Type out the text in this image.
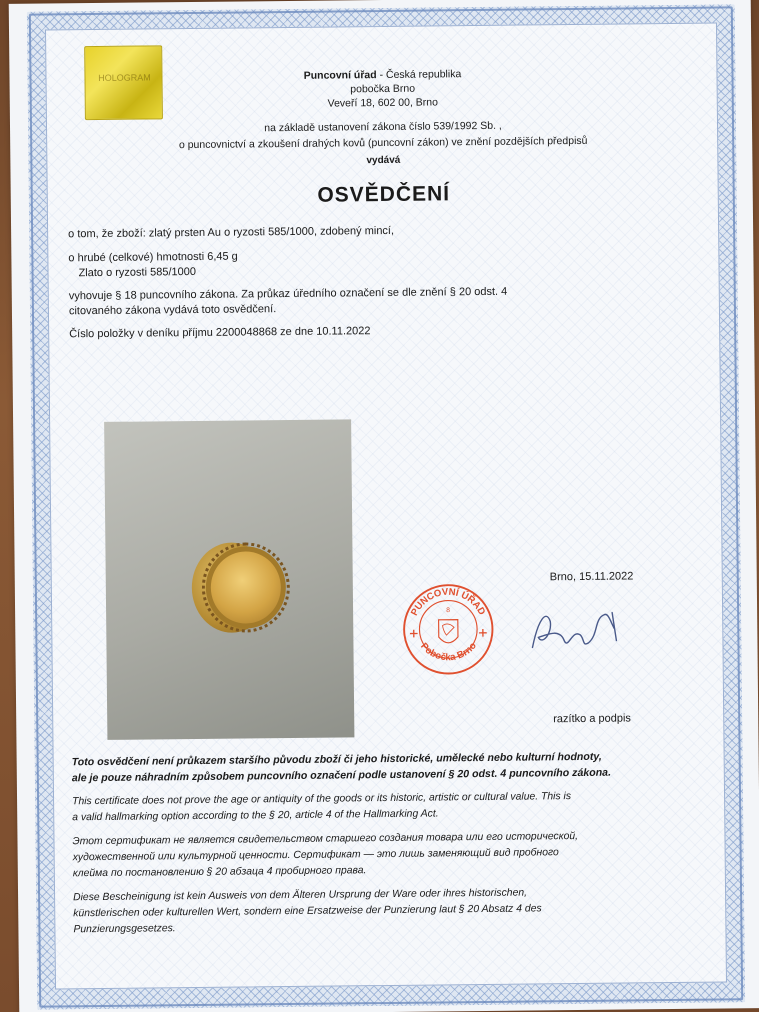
HOLOGRAM	Puncovní úřad - Česká republika
pobočka Brno
Veveří 18, 602 00, Brno
na základě ustanovení zákona číslo 539/1992 Sb. ,
o puncovnictví a zkoušení drahých kovů (puncovní zákon) ve znění pozdějších předpisů
vydává
OSVĚDČENÍ
o tom, že zboží: zlatý prsten Au o ryzosti 585/1000, zdobený mincí,
o hrubé (celkové) hmotnosti 6,45 g
Zlato o ryzosti 585/1000
vyhovuje § 18 puncovního zákona. Za průkaz úředního označení se dle znění § 20 odst. 4
citovaného zákona vydává toto osvědčení.
Číslo položky v deníku příjmu 2200048868 ze dne 10.11.2022
Brno, 15.11.2022
PUNCOVNÍ ÚŘAD
Pobočka Brno
8
razítko a podpis
Toto osvědčení není průkazem staršího původu zboží či jeho historické, umělecké nebo kulturní hodnoty,
ale je pouze náhradním způsobem puncovního označení podle ustanovení § 20 odst. 4 puncovního zákona.
This certificate does not prove the age or antiquity of the goods or its historic, artistic or cultural value. This is
a valid hallmarking option according to the § 20, article 4 of the Hallmarking Act.
Этот сертификат не является свидетельством старшего создания товара или его исторической,
художественной или культурной ценности. Сертификат — это лишь заменяющий вид пробного
клейма по постановлению § 20 абзаца 4 пробирного права.
Diese Bescheinigung ist kein Ausweis von dem Älteren Ursprung der Ware oder ihres historischen,
künstlerischen oder kulturellen Wert, sondern eine Ersatzweise der Punzierung laut § 20 Absatz 4 des
Punzierungsgesetzes.
